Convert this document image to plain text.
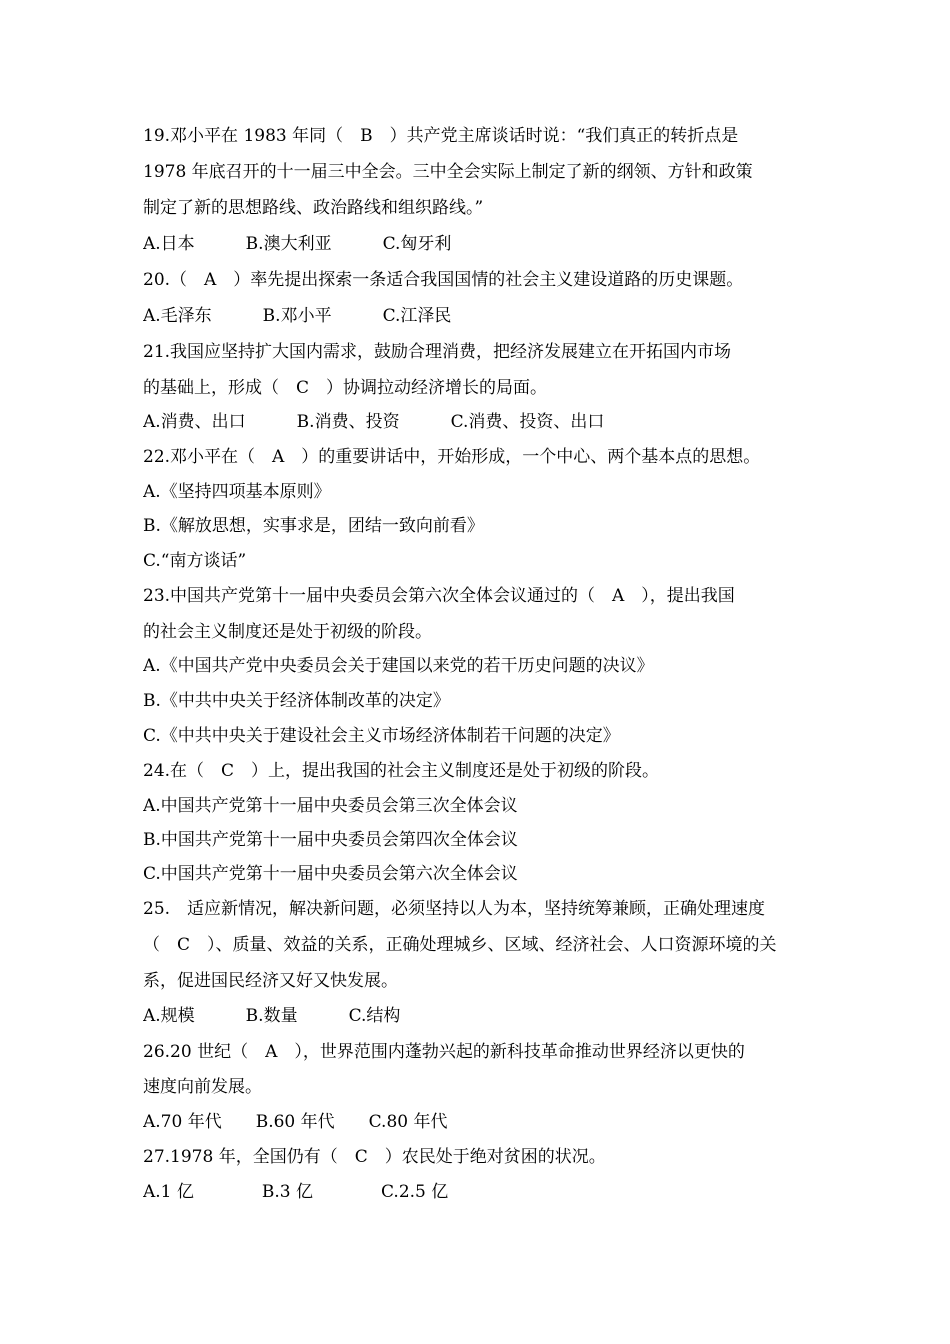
19.邓小平在 1983 年同（　B　）共产党主席谈话时说：“我们真正的转折点是
1978 年底召开的十一届三中全会。三中全会实际上制定了新的纲领、方针和政策
制定了新的思想路线、政治路线和组织路线。”
A.日本　　　B.澳大利亚　　　C.匈牙利
20.（　A　）率先提出探索一条适合我国国情的社会主义建设道路的历史课题。
A.毛泽东　　　B.邓小平　　　C.江泽民
21.我国应坚持扩大国内需求，鼓励合理消费，把经济发展建立在开拓国内市场
的基础上，形成（　C　）协调拉动经济增长的局面。
A.消费、出口　　　B.消费、投资　　　C.消费、投资、出口
22.邓小平在（　A　）的重要讲话中，开始形成，一个中心、两个基本点的思想。
A.《坚持四项基本原则》
B.《解放思想，实事求是，团结一致向前看》
C.“南方谈话”
23.中国共产党第十一届中央委员会第六次全体会议通过的（　A　），提出我国
的社会主义制度还是处于初级的阶段。
A.《中国共产党中央委员会关于建国以来党的若干历史问题的决议》
B.《中共中央关于经济体制改革的决定》
C.《中共中央关于建设社会主义市场经济体制若干问题的决定》
24.在（　C　）上，提出我国的社会主义制度还是处于初级的阶段。
A.中国共产党第十一届中央委员会第三次全体会议
B.中国共产党第十一届中央委员会第四次全体会议
C.中国共产党第十一届中央委员会第六次全体会议
25.　适应新情况，解决新问题，必须坚持以人为本，坚持统筹兼顾，正确处理速度
（　C　）、质量、效益的关系，正确处理城乡、区域、经济社会、人口资源环境的关
系，促进国民经济又好又快发展。
A.规模　　　B.数量　　　C.结构
26.20 世纪（　A　），世界范围内蓬勃兴起的新科技革命推动世界经济以更快的
速度向前发展。
A.70 年代　　B.60 年代　　C.80 年代
27.1978 年，全国仍有（　C　）农民处于绝对贫困的状况。
A.1 亿　　　　B.3 亿　　　　C.2.5 亿
